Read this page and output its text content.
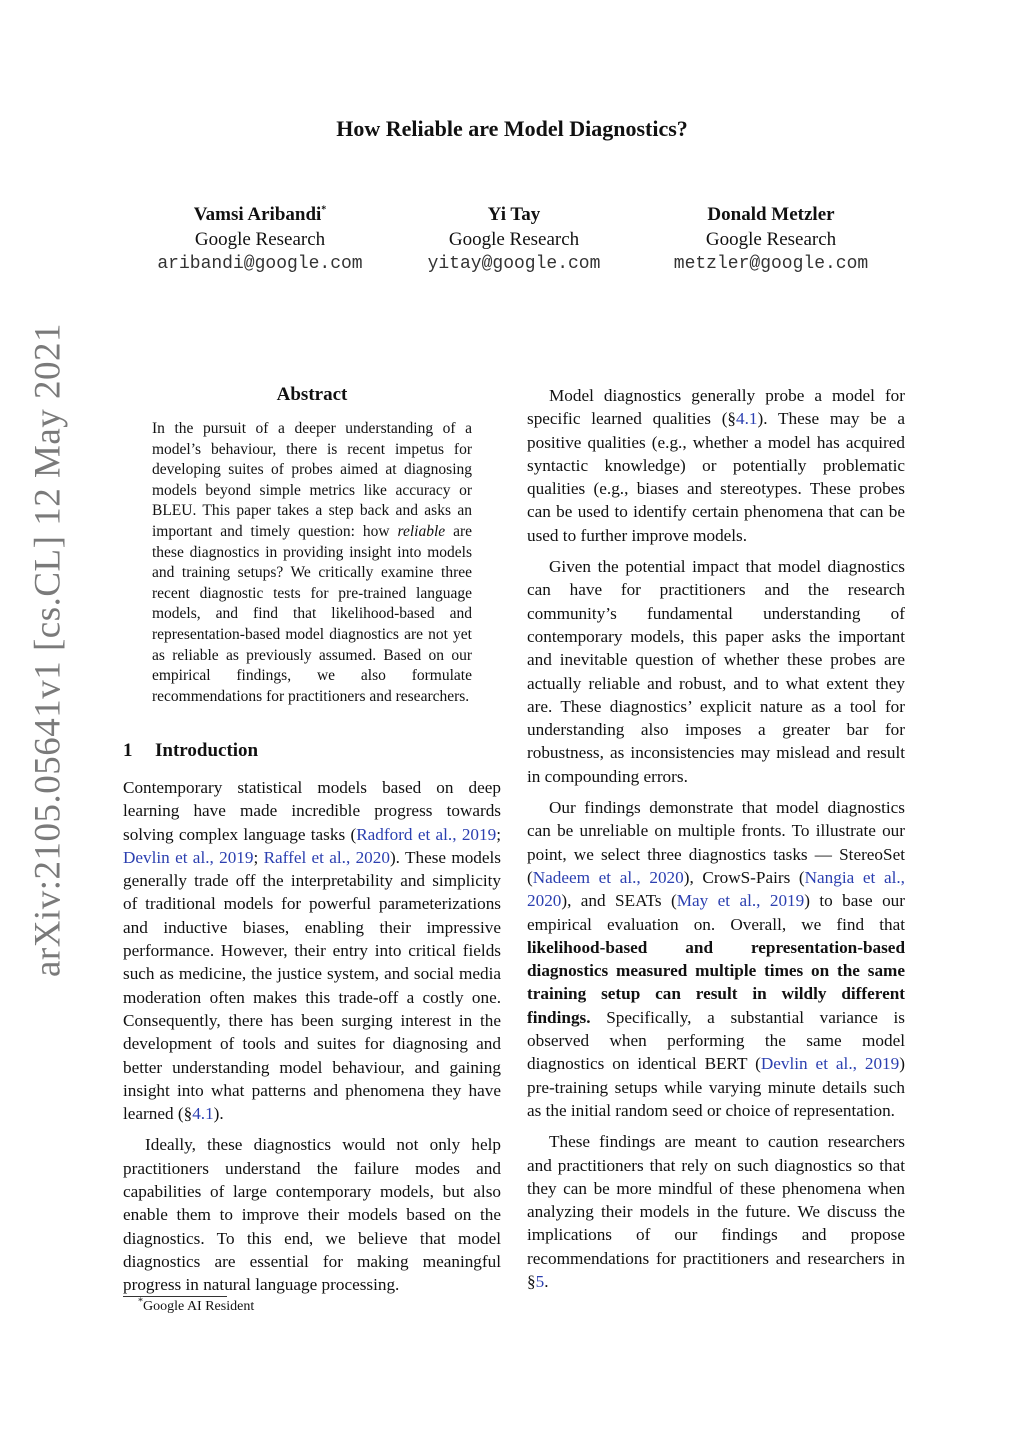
arXiv:2105.05641v1 [cs.CL] 12 May 2021
How Reliable are Model Diagnostics?
Vamsi Aribandi*
Google Research
aribandi@google.com
Yi Tay
Google Research
yitay@google.com
Donald Metzler
Google Research
metzler@google.com
Abstract

In the pursuit of a deeper understanding of a model’s behaviour, there is recent impetus for developing suites of probes aimed at diagnosing models beyond simple metrics like accuracy or BLEU. This paper takes a step back and asks an important and timely question: how reliable are these diagnostics in providing insight into models and training setups? We critically examine three recent diagnostic tests for pre-trained language models, and find that likelihood-based and representation-based model diagnostics are not yet as reliable as previously assumed. Based on our empirical findings, we also formulate recommendations for practitioners and researchers.

1 Introduction

Contemporary statistical models based on deep learning have made incredible progress towards solving complex language tasks (Radford et al., 2019; Devlin et al., 2019; Raffel et al., 2020). These models generally trade off the interpretability and simplicity of traditional models for powerful parameterizations and inductive biases, enabling their impressive performance. However, their entry into critical fields such as medicine, the justice system, and social media moderation often makes this trade-off a costly one. Consequently, there has been surging interest in the development of tools and suites for diagnosing and better understanding model behaviour, and gaining insight into what patterns and phenomena they have learned (§4.1).

Ideally, these diagnostics would not only help practitioners understand the failure modes and capabilities of large contemporary models, but also enable them to improve their models based on the diagnostics. To this end, we believe that model diagnostics are essential for making meaningful progress in natural language processing.

Model diagnostics generally probe a model for specific learned qualities (§4.1). These may be a positive qualities (e.g., whether a model has acquired syntactic knowledge) or potentially problematic qualities (e.g., biases and stereotypes. These probes can be used to identify certain phenomena that can be used to further improve models.

Given the potential impact that model diagnostics can have for practitioners and the research community’s fundamental understanding of contemporary models, this paper asks the important and inevitable question of whether these probes are actually reliable and robust, and to what extent they are. These diagnostics’ explicit nature as a tool for understanding also imposes a greater bar for robustness, as inconsistencies may mislead and result in compounding errors.

Our findings demonstrate that model diagnostics can be unreliable on multiple fronts. To illustrate our point, we select three diagnostics tasks — StereoSet (Nadeem et al., 2020), CrowS-Pairs (Nangia et al., 2020), and SEATs (May et al., 2019) to base our empirical evaluation on. Overall, we find that likelihood-based and representation-based diagnostics measured multiple times on the same training setup can result in wildly different findings. Specifically, a substantial variance is observed when performing the same model diagnostics on identical BERT (Devlin et al., 2019) pre-training setups while varying minute details such as the initial random seed or choice of representation.

These findings are meant to caution researchers and practitioners that rely on such diagnostics so that they can be more mindful of these phenomena when analyzing their models in the future. We discuss the implications of our findings and propose recommendations for practitioners and researchers in §5.

*Google AI Resident
